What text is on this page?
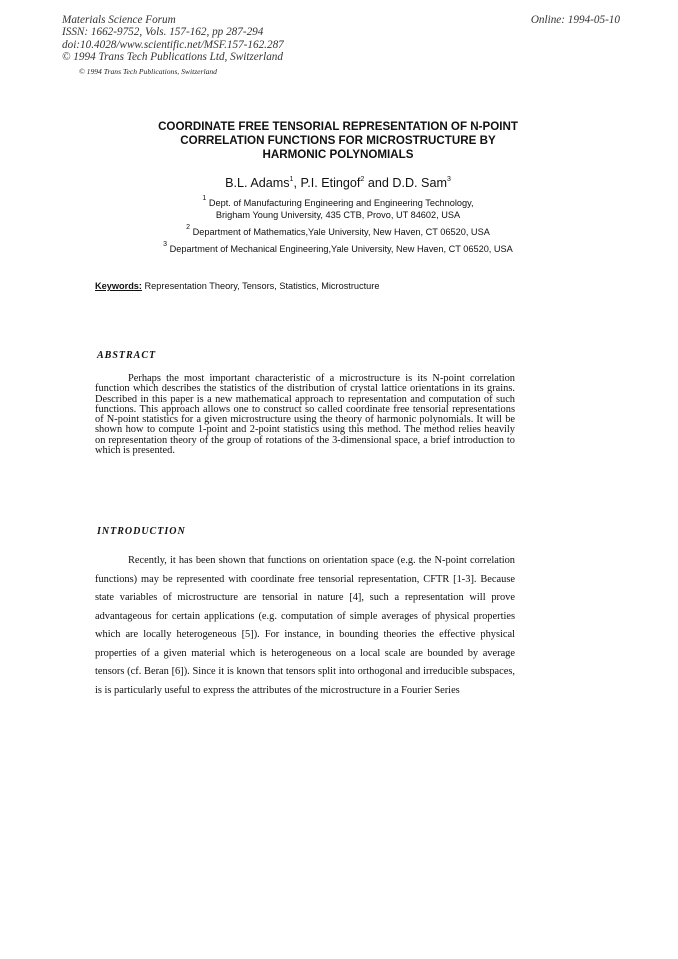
Materials Science Forum
ISSN: 1662-9752, Vols. 157-162, pp 287-294
doi:10.4028/www.scientific.net/MSF.157-162.287
© 1994 Trans Tech Publications Ltd, Switzerland
Online: 1994-05-10
© 1994 Trans Tech Publications, Switzerland
COORDINATE FREE TENSORIAL REPRESENTATION OF N-POINT
CORRELATION FUNCTIONS FOR MICROSTRUCTURE BY
HARMONIC POLYNOMIALS
B.L. Adams$^1$, P.I. Etingof$^2$ and D.D. Sam$^3$
$^1$ Dept. of Manufacturing Engineering and Engineering Technology,
Brigham Young University, 435 CTB, Provo, UT 84602, USA
$^2$ Department of Mathematics,Yale University, New Haven, CT 06520, USA
$^3$ Department of Mechanical Engineering,Yale University, New Haven, CT 06520, USA
Keywords: Representation Theory, Tensors, Statistics, Microstructure
ABSTRACT
Perhaps the most important characteristic of a microstructure is its N-point correlation function which describes the statistics of the distribution of crystal lattice orientations in its grains. Described in this paper is a new mathematical approach to representation and computation of such functions. This approach allows one to construct so called coordinate free tensorial representations of N-point statistics for a given microstructure using the theory of harmonic polynomials. It will be shown how to compute 1-point and 2-point statistics using this method. The method relies heavily on representation theory of the group of rotations of the 3-dimensional space, a brief introduction to which is presented.
INTRODUCTION
Recently, it has been shown that functions on orientation space (e.g. the N-point correlation functions) may be represented with coordinate free tensorial representation, CFTR [1-3]. Because state variables of microstructure are tensorial in nature [4], such a representation will prove advantageous for certain applications (e.g. computation of simple averages of physical properties which are locally heterogeneous [5]). For instance, in bounding theories the effective physical properties of a given material which is heterogeneous on a local scale are bounded by average tensors (cf. Beran [6]). Since it is known that tensors split into orthogonal and irreducible subspaces, is is particularly useful to express the attributes of the microstructure in a Fourier Series
